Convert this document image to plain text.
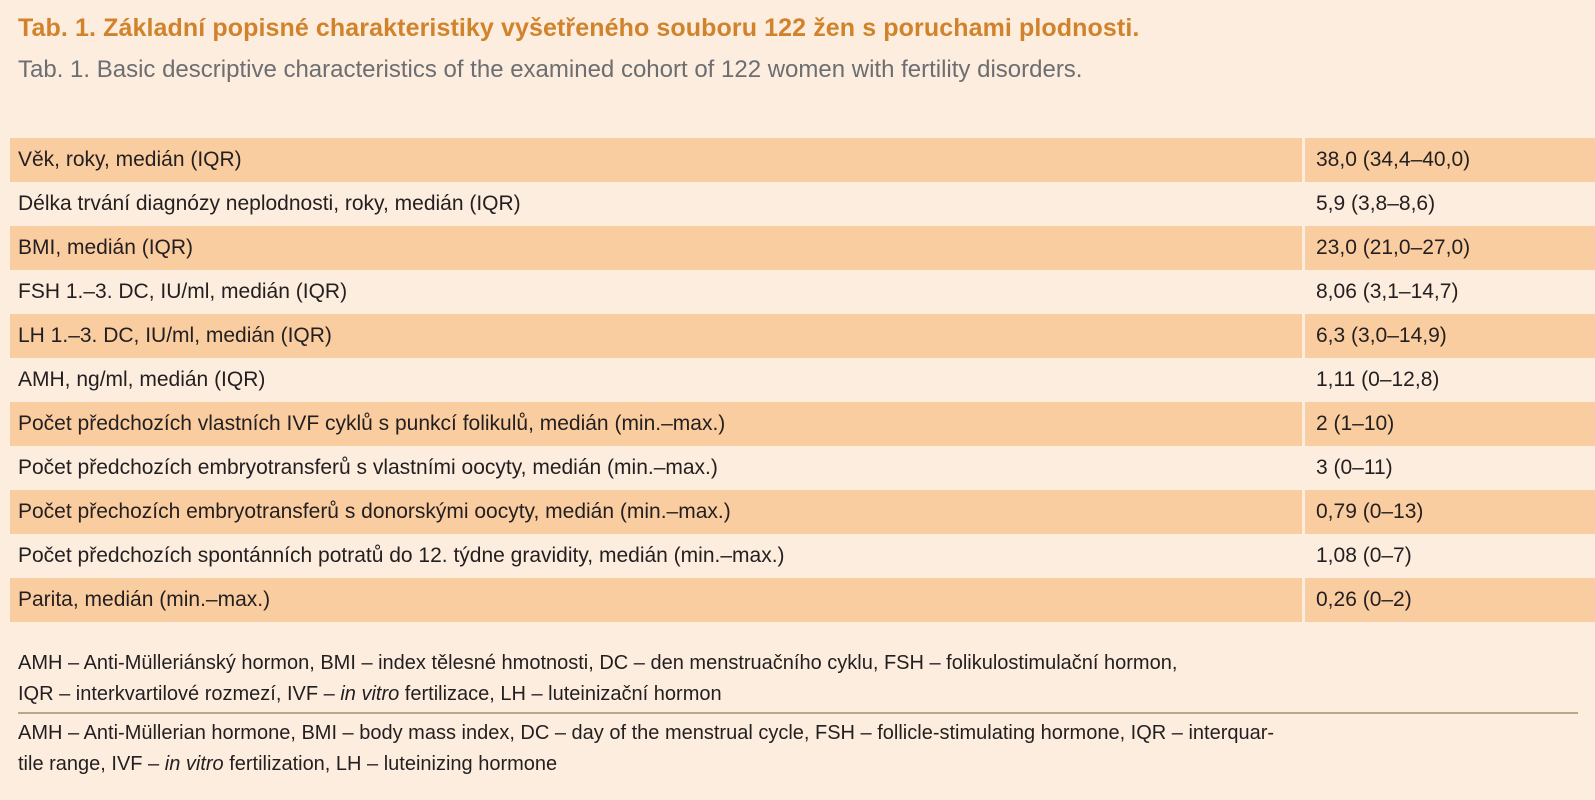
Tab. 1. Základní popisné charakteristiky vyšetřeného souboru 122 žen s poruchami plodnosti.
Tab. 1. Basic descriptive characteristics of the examined cohort of 122 women with fertility disorders.
Věk, roky, medián (IQR)	38,0 (34,4–40,0)
Délka trvání diagnózy neplodnosti, roky, medián (IQR)	5,9 (3,8–8,6)
BMI, medián (IQR)	23,0 (21,0–27,0)
FSH 1.–3. DC, IU/ml, medián (IQR)	8,06 (3,1–14,7)
LH 1.–3. DC, IU/ml, medián (IQR)	6,3 (3,0–14,9)
AMH, ng/ml, medián (IQR)	1,11 (0–12,8)
Počet předchozích vlastních IVF cyklů s punkcí folikulů, medián (min.–max.)	2 (1–10)
Počet předchozích embryotransferů s vlastními oocyty, medián (min.–max.)	3 (0–11)
Počet přechozích embryotransferů s donorskými oocyty, medián (min.–max.)	0,79 (0–13)
Počet předchozích spontánních potratů do 12. týdne gravidity, medián (min.–max.)	1,08 (0–7)
Parita, medián (min.–max.)	0,26 (0–2)
AMH – Anti-Mülleriánský hormon, BMI – index tělesné hmotnosti, DC – den menstruačního cyklu, FSH – folikulostimulační hormon,
IQR – interkvartilové rozmezí, IVF – in vitro fertilizace, LH – luteinizační hormon
AMH – Anti-Müllerian hormone, BMI – body mass index, DC – day of the menstrual cycle, FSH – follicle-stimulating hormone, IQR – interquar-
tile range, IVF – in vitro fertilization, LH – luteinizing hormone
